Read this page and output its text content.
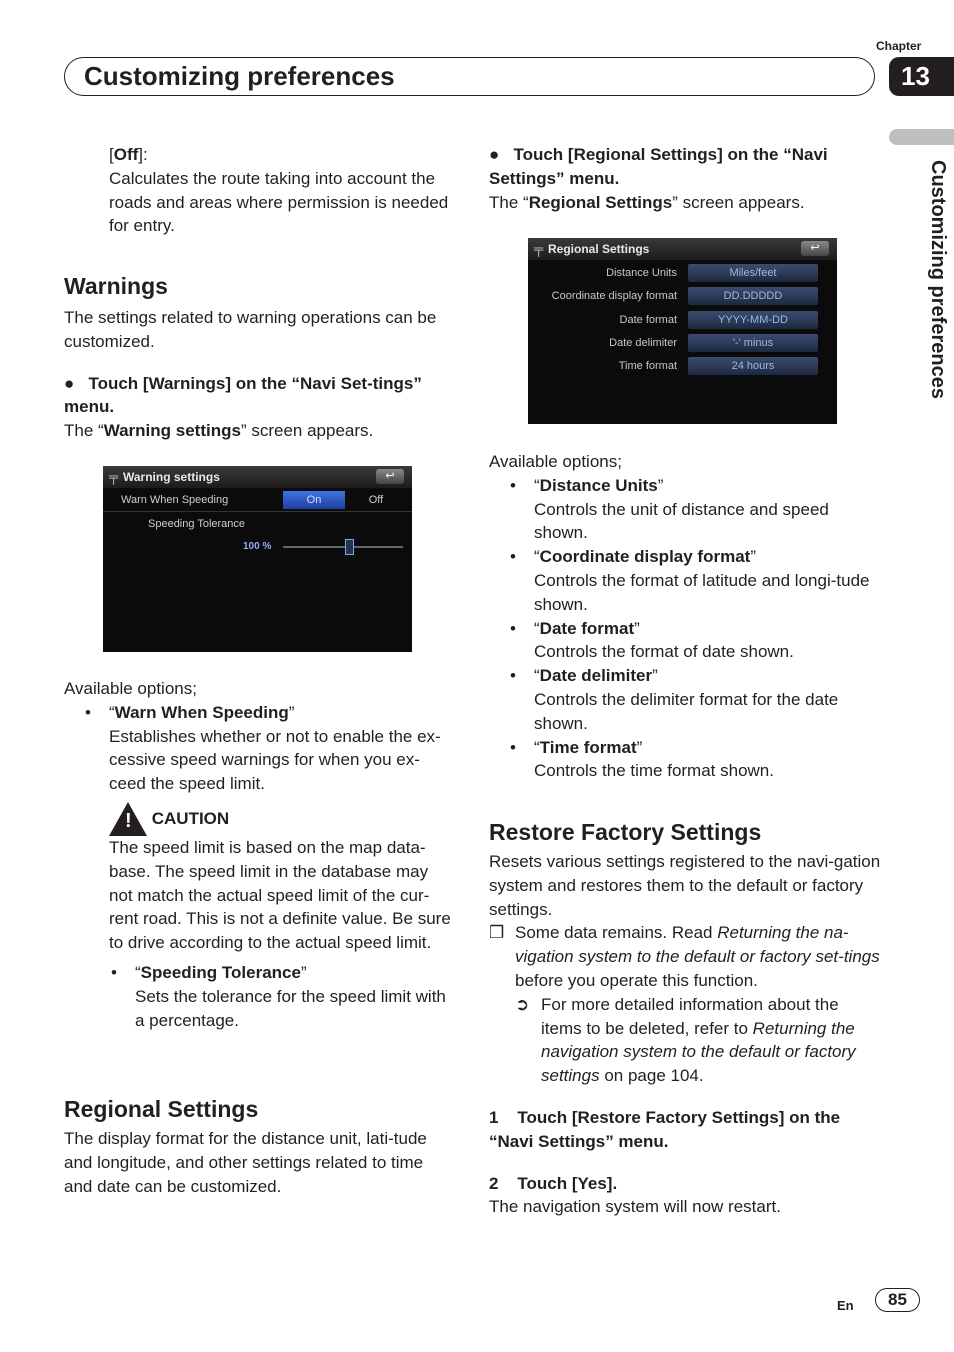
Chapter
13
Customizing preferences
Customizing preferences

[Off]:

Calculates the route taking into account the roads and areas where permission is needed for entry.

Warnings

The settings related to warning operations can be customized.

● Touch [Warnings] on the “Navi Set-tings” menu.

The “Warning settings” screen appears.

╤ Warning settings	↩
Warn When Speeding	On	Off
Speeding Tolerance
100 %

Available options;

• “Warn When Speeding”

Establishes whether or not to enable the ex-cessive speed warnings for when you ex-ceed the speed limit.

! CAUTION

The speed limit is based on the map data-base. The speed limit in the database may not match the actual speed limit of the cur-rent road. This is not a definite value. Be sure to drive according to the actual speed limit.

• “Speeding Tolerance”

Sets the tolerance for the speed limit with a percentage.

Regional Settings

The display format for the distance unit, lati-tude and longitude, and other settings related to time and date can be customized.

● Touch [Regional Settings] on the “Navi Settings” menu.

The “Regional Settings” screen appears.

╤ Regional Settings	↩
Distance Units	Miles/feet
Coordinate display format	DD.DDDDD
Date format	YYYY-MM-DD
Date delimiter	'-' minus
Time format	24 hours

Available options;

• “Distance Units”

Controls the unit of distance and speed shown.

• “Coordinate display format”

Controls the format of latitude and longi-tude shown.

• “Date format”

Controls the format of date shown.

• “Date delimiter”

Controls the delimiter format for the date shown.

• “Time format”

Controls the time format shown.

Restore Factory Settings

Resets various settings registered to the navi-gation system and restores them to the default or factory settings.

❒ Some data remains. Read Returning the na-vigation system to the default or factory set-tings before you operate this function.

➲ For more detailed information about the items to be deleted, refer to Returning the navigation system to the default or factory settings on page 104.

1 Touch [Restore Factory Settings] on the “Navi Settings” menu.

2 Touch [Yes].

The navigation system will now restart.

En	85
